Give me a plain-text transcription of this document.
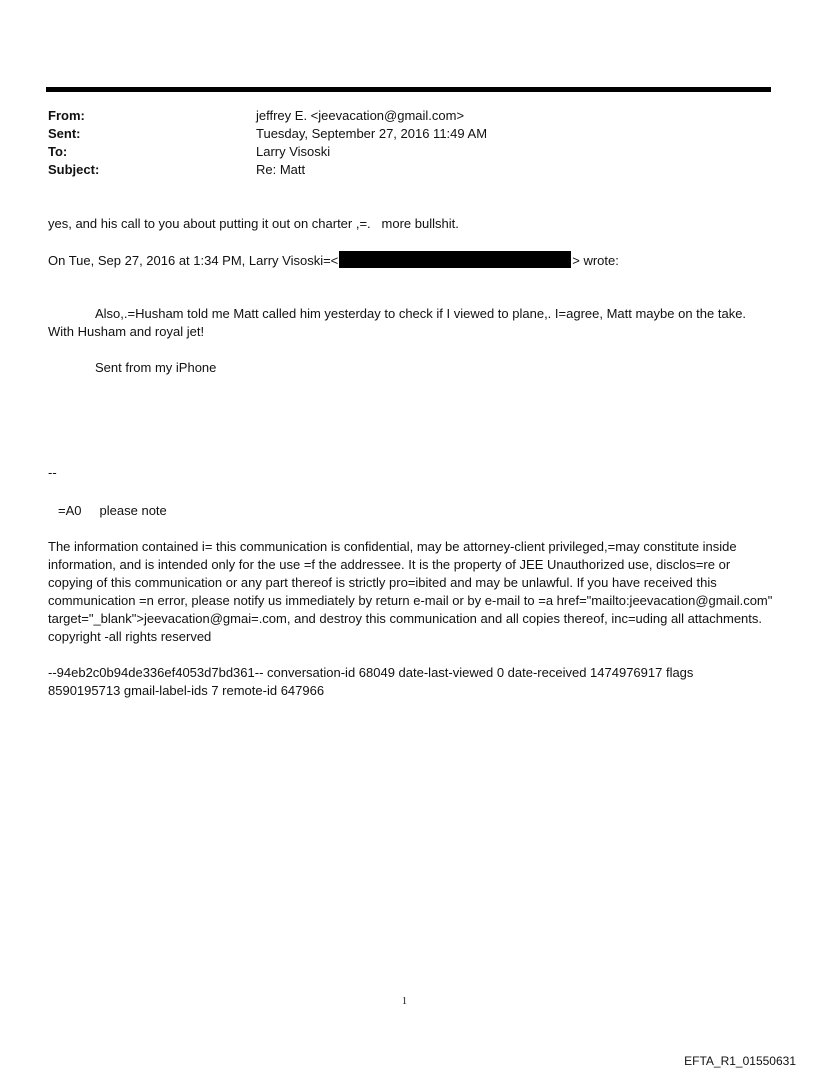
From:	jeffrey E. <jeevacation@gmail.com>
Sent:	Tuesday, September 27, 2016 11:49 AM
To:	Larry Visoski
Subject:	Re: Matt
yes, and his call to you about putting it out on charter ,=.   more bullshit.
On Tue, Sep 27, 2016 at 1:34 PM, Larry Visoski=<	> wrote:
Also,.=Husham told me Matt called him yesterday to check if I viewed to plane,. I=agree, Matt maybe on the take. With Husham and royal jet!
Sent from my iPhone
--
=A0     please note
The information contained i= this communication is confidential, may be attorney-client privileged,=may constitute inside information, and is intended only for the use =f the addressee. It is the property of JEE Unauthorized use, disclos=re or copying of this communication or any part thereof is strictly pro=ibited and may be unlawful. If you have received this communication =n error, please notify us immediately by return e-mail or by e-mail to =a href="mailto:jeevacation@gmail.com" target="_blank">jeevacation@gmai=.com, and destroy this communication and all copies thereof, inc=uding all attachments. copyright -all rights reserved
--94eb2c0b94de336ef4053d7bd361-- conversation-id 68049 date-last-viewed 0 date-received 1474976917 flags 8590195713 gmail-label-ids 7 remote-id 647966
1
EFTA_R1_01550631
